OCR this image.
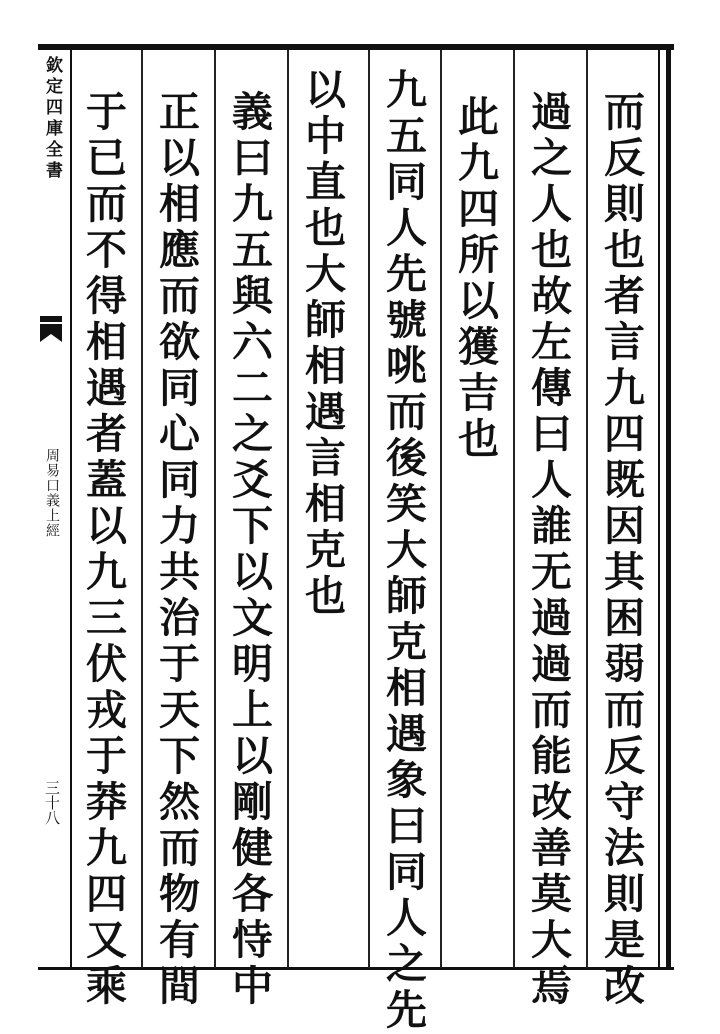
欽定四庫全書
周易口義上經
三十八	而反則也者言九四既因其困弱而反守法則是改
過之人也故左傳曰人誰无過過而能改善莫大焉
此九四所以獲吉也
九五同人先號咷而後笑大師克相遇象曰同人之先
以中直也大師相遇言相克也
義曰九五與六二之爻下以文明上以剛健各恃中
正以相應而欲同心同力共治于天下然而物有間
于已而不得相遇者蓋以九三伏戎于莽九四又乘
